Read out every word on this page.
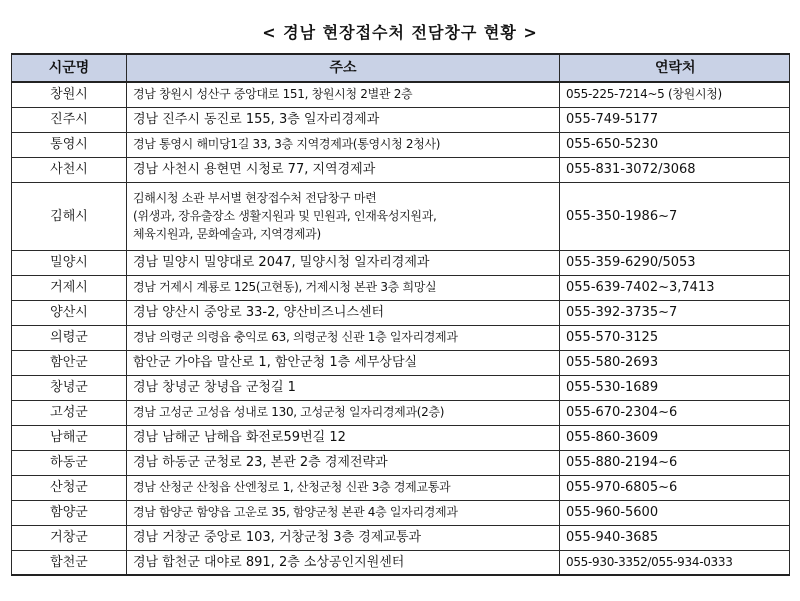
< 경남 현장접수처 전담창구 현황 >
시군명	주소	연락처
창원시	경남 창원시 성산구 중앙대로 151, 창원시청 2별관 2층	055-225-7214~5 (창원시청)
진주시	경남 진주시 동진로 155, 3층 일자리경제과	055-749-5177
통영시	경남 통영시 해미당1길 33, 3층 지역경제과(통영시청 2청사)	055-650-5230
사천시	경남 사천시 용현면 시청로 77, 지역경제과	055-831-3072/3068
김해시	김해시청 소관 부서별 현장접수처 전담창구 마련
(위생과, 장유출장소 생활지원과 및 민원과, 인재육성지원과,
체육지원과, 문화예술과, 지역경제과)	055-350-1986~7
밀양시	경남 밀양시 밀양대로 2047, 밀양시청 일자리경제과	055-359-6290/5053
거제시	경남 거제시 계룡로 125(고현동), 거제시청 본관 3층 희망실	055-639-7402~3,7413
양산시	경남 양산시 중앙로 33-2, 양산비즈니스센터	055-392-3735~7
의령군	경남 의령군 의령읍 충익로 63, 의령군청 신관 1층 일자리경제과	055-570-3125
함안군	함안군 가야읍 말산로 1, 함안군청 1층 세무상담실	055-580-2693
창녕군	경남 창녕군 창녕읍 군청길 1	055-530-1689
고성군	경남 고성군 고성읍 성내로 130, 고성군청 일자리경제과(2층)	055-670-2304~6
남해군	경남 남해군 남해읍 화전로59번길 12	055-860-3609
하동군	경남 하동군 군청로 23, 본관 2층 경제전략과	055-880-2194~6
산청군	경남 산청군 산청읍 산엔청로 1, 산청군청 신관 3층 경제교통과	055-970-6805~6
함양군	경남 함양군 함양읍 고운로 35, 함양군청 본관 4층 일자리경제과	055-960-5600
거창군	경남 거창군 중앙로 103, 거창군청 3층 경제교통과	055-940-3685
합천군	경남 합천군 대야로 891, 2층 소상공인지원센터	055-930-3352/055-934-0333
